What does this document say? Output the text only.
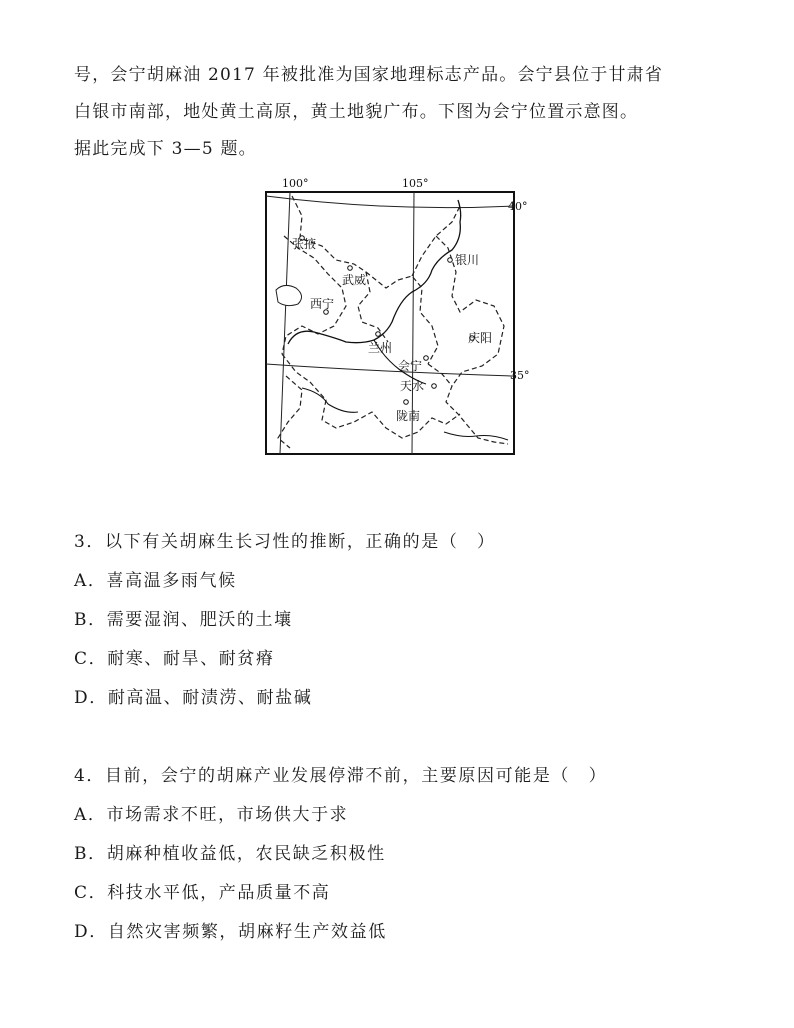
号，会宁胡麻油 2017 年被批准为国家地理标志产品。会宁县位于甘肃省
白银市南部，地处黄土高原，黄土地貌广布。下图为会宁位置示意图。
据此完成下 3—5 题。
100°	105°
40°
35°
张掖
武威
银川
西宁
兰州
庆阳
会宁
天水
陇南

3．以下有关胡麻生长习性的推断，正确的是（　）

A．喜高温多雨气候

B．需要湿润、肥沃的土壤

C．耐寒、耐旱、耐贫瘠

D．耐高温、耐渍涝、耐盐碱

4．目前，会宁的胡麻产业发展停滞不前，主要原因可能是（　）

A．市场需求不旺，市场供大于求

B．胡麻种植收益低，农民缺乏积极性

C．科技水平低，产品质量不高

D．自然灾害频繁，胡麻籽生产效益低
